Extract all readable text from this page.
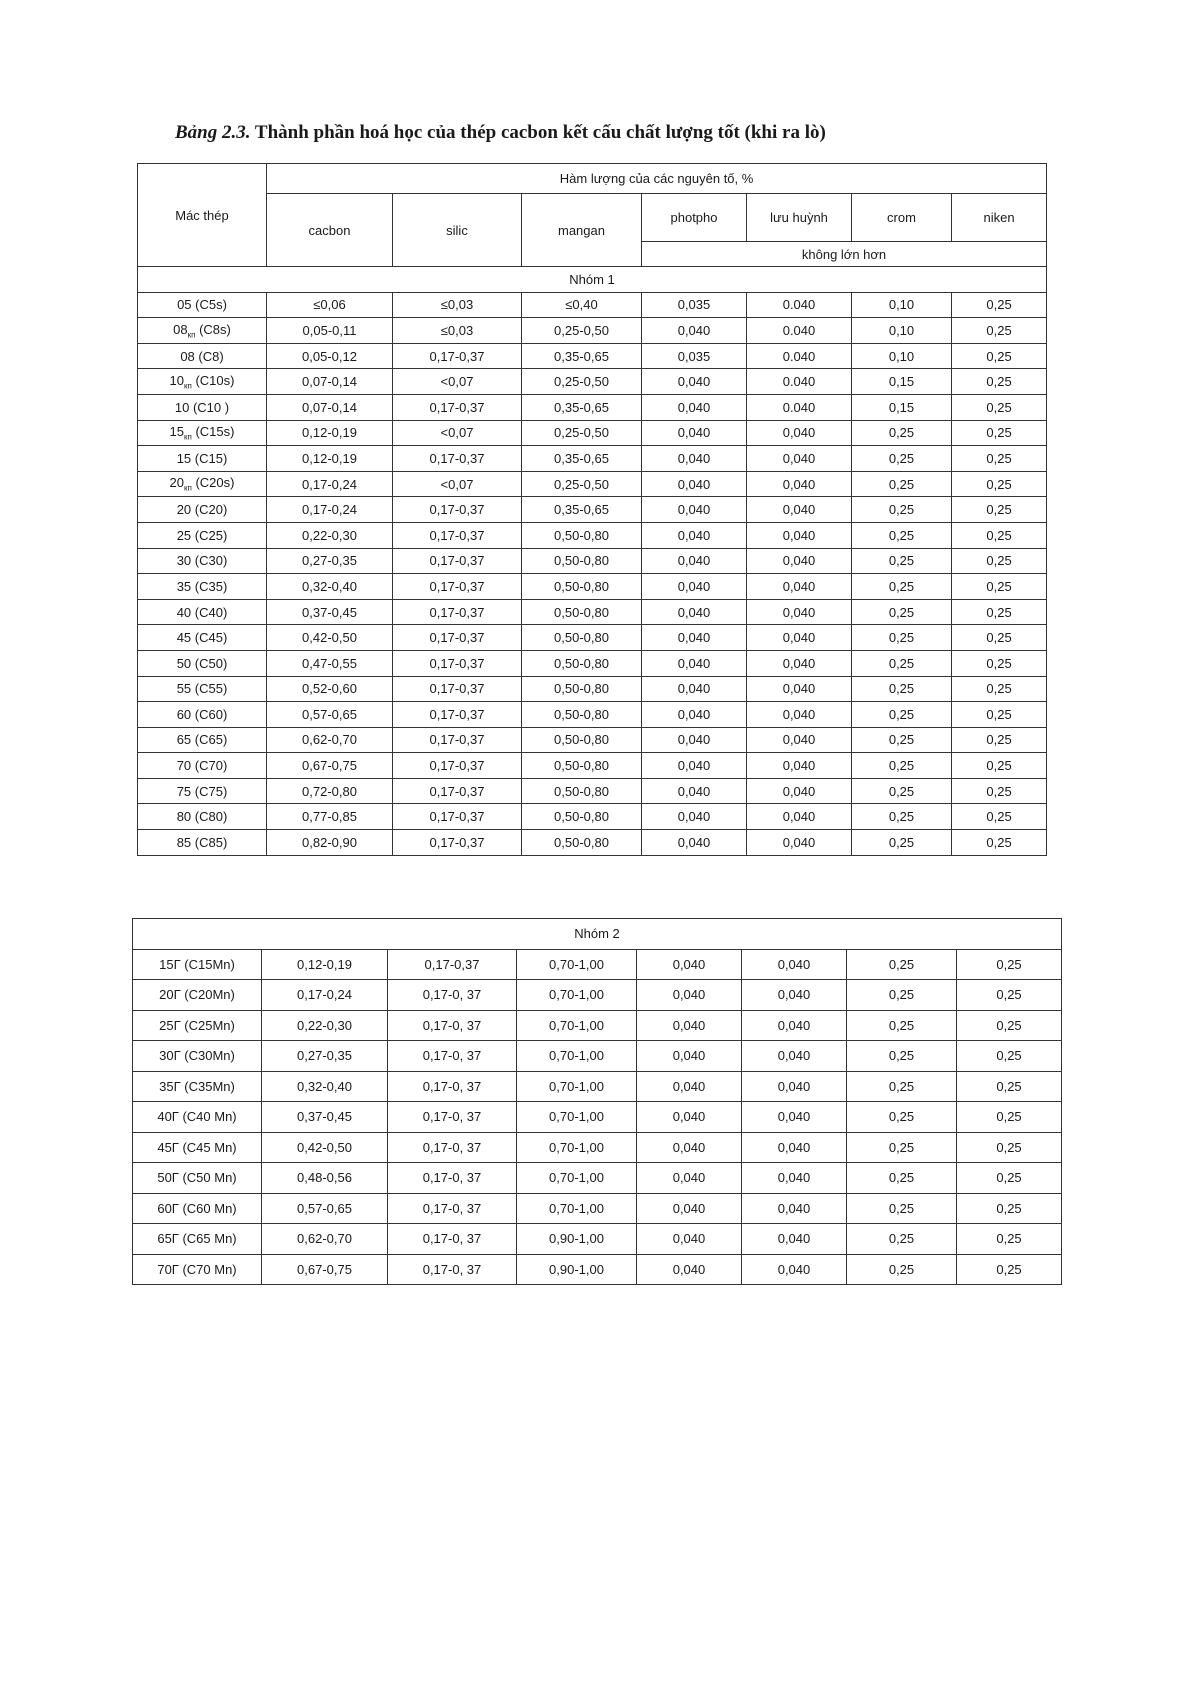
Bảng 2.3. Thành phần hoá học của thép cacbon kết cấu chất lượng tốt (khi ra lò)
Mác thép	Hàm lượng của các nguyên tố, %						
	cacbon	silic	mangan	photpho	lưu huỳnh	crom	niken
				không lớn hơn			
Nhóm 1							
05 (C5s)	≤0,06	≤0,03	≤0,40	0,035	0.040	0,10	0,25
$08_{кп}$ (C8s)	0,05-0,11	≤0,03	0,25-0,50	0,040	0.040	0,10	0,25
08 (C8)	0,05-0,12	0,17-0,37	0,35-0,65	0,035	0.040	0,10	0,25
$10_{кп}$ (C10s)	0,07-0,14	<0,07	0,25-0,50	0,040	0.040	0,15	0,25
10 (C10 )	0,07-0,14	0,17-0,37	0,35-0,65	0,040	0.040	0,15	0,25
$15_{кп}$ (C15s)	0,12-0,19	<0,07	0,25-0,50	0,040	0,040	0,25	0,25
15 (C15)	0,12-0,19	0,17-0,37	0,35-0,65	0,040	0,040	0,25	0,25
$20_{кп}$ (C20s)	0,17-0,24	<0,07	0,25-0,50	0,040	0,040	0,25	0,25
20 (C20)	0,17-0,24	0,17-0,37	0,35-0,65	0,040	0,040	0,25	0,25
25 (C25)	0,22-0,30	0,17-0,37	0,50-0,80	0,040	0,040	0,25	0,25
30 (C30)	0,27-0,35	0,17-0,37	0,50-0,80	0,040	0,040	0,25	0,25
35 (C35)	0,32-0,40	0,17-0,37	0,50-0,80	0,040	0,040	0,25	0,25
40 (C40)	0,37-0,45	0,17-0,37	0,50-0,80	0,040	0,040	0,25	0,25
45 (C45)	0,42-0,50	0,17-0,37	0,50-0,80	0,040	0,040	0,25	0,25
50 (C50)	0,47-0,55	0,17-0,37	0,50-0,80	0,040	0,040	0,25	0,25
55 (C55)	0,52-0,60	0,17-0,37	0,50-0,80	0,040	0,040	0,25	0,25
60 (C60)	0,57-0,65	0,17-0,37	0,50-0,80	0,040	0,040	0,25	0,25
65 (C65)	0,62-0,70	0,17-0,37	0,50-0,80	0,040	0,040	0,25	0,25
70 (C70)	0,67-0,75	0,17-0,37	0,50-0,80	0,040	0,040	0,25	0,25
75 (C75)	0,72-0,80	0,17-0,37	0,50-0,80	0,040	0,040	0,25	0,25
80 (C80)	0,77-0,85	0,17-0,37	0,50-0,80	0,040	0,040	0,25	0,25
85 (C85)	0,82-0,90	0,17-0,37	0,50-0,80	0,040	0,040	0,25	0,25
Nhóm 2							
15Г (C15Mn)	0,12-0,19	0,17-0,37	0,70-1,00	0,040	0,040	0,25	0,25
20Г (C20Mn)	0,17-0,24	0,17-0, 37	0,70-1,00	0,040	0,040	0,25	0,25
25Г (C25Mn)	0,22-0,30	0,17-0, 37	0,70-1,00	0,040	0,040	0,25	0,25
30Г (C30Mn)	0,27-0,35	0,17-0, 37	0,70-1,00	0,040	0,040	0,25	0,25
35Г (C35Mn)	0,32-0,40	0,17-0, 37	0,70-1,00	0,040	0,040	0,25	0,25
40Г (C40 Mn)	0,37-0,45	0,17-0, 37	0,70-1,00	0,040	0,040	0,25	0,25
45Г (C45 Mn)	0,42-0,50	0,17-0, 37	0,70-1,00	0,040	0,040	0,25	0,25
50Г (C50 Mn)	0,48-0,56	0,17-0, 37	0,70-1,00	0,040	0,040	0,25	0,25
60Г (C60 Mn)	0,57-0,65	0,17-0, 37	0,70-1,00	0,040	0,040	0,25	0,25
65Г (C65 Mn)	0,62-0,70	0,17-0, 37	0,90-1,00	0,040	0,040	0,25	0,25
70Г (C70 Mn)	0,67-0,75	0,17-0, 37	0,90-1,00	0,040	0,040	0,25	0,25
